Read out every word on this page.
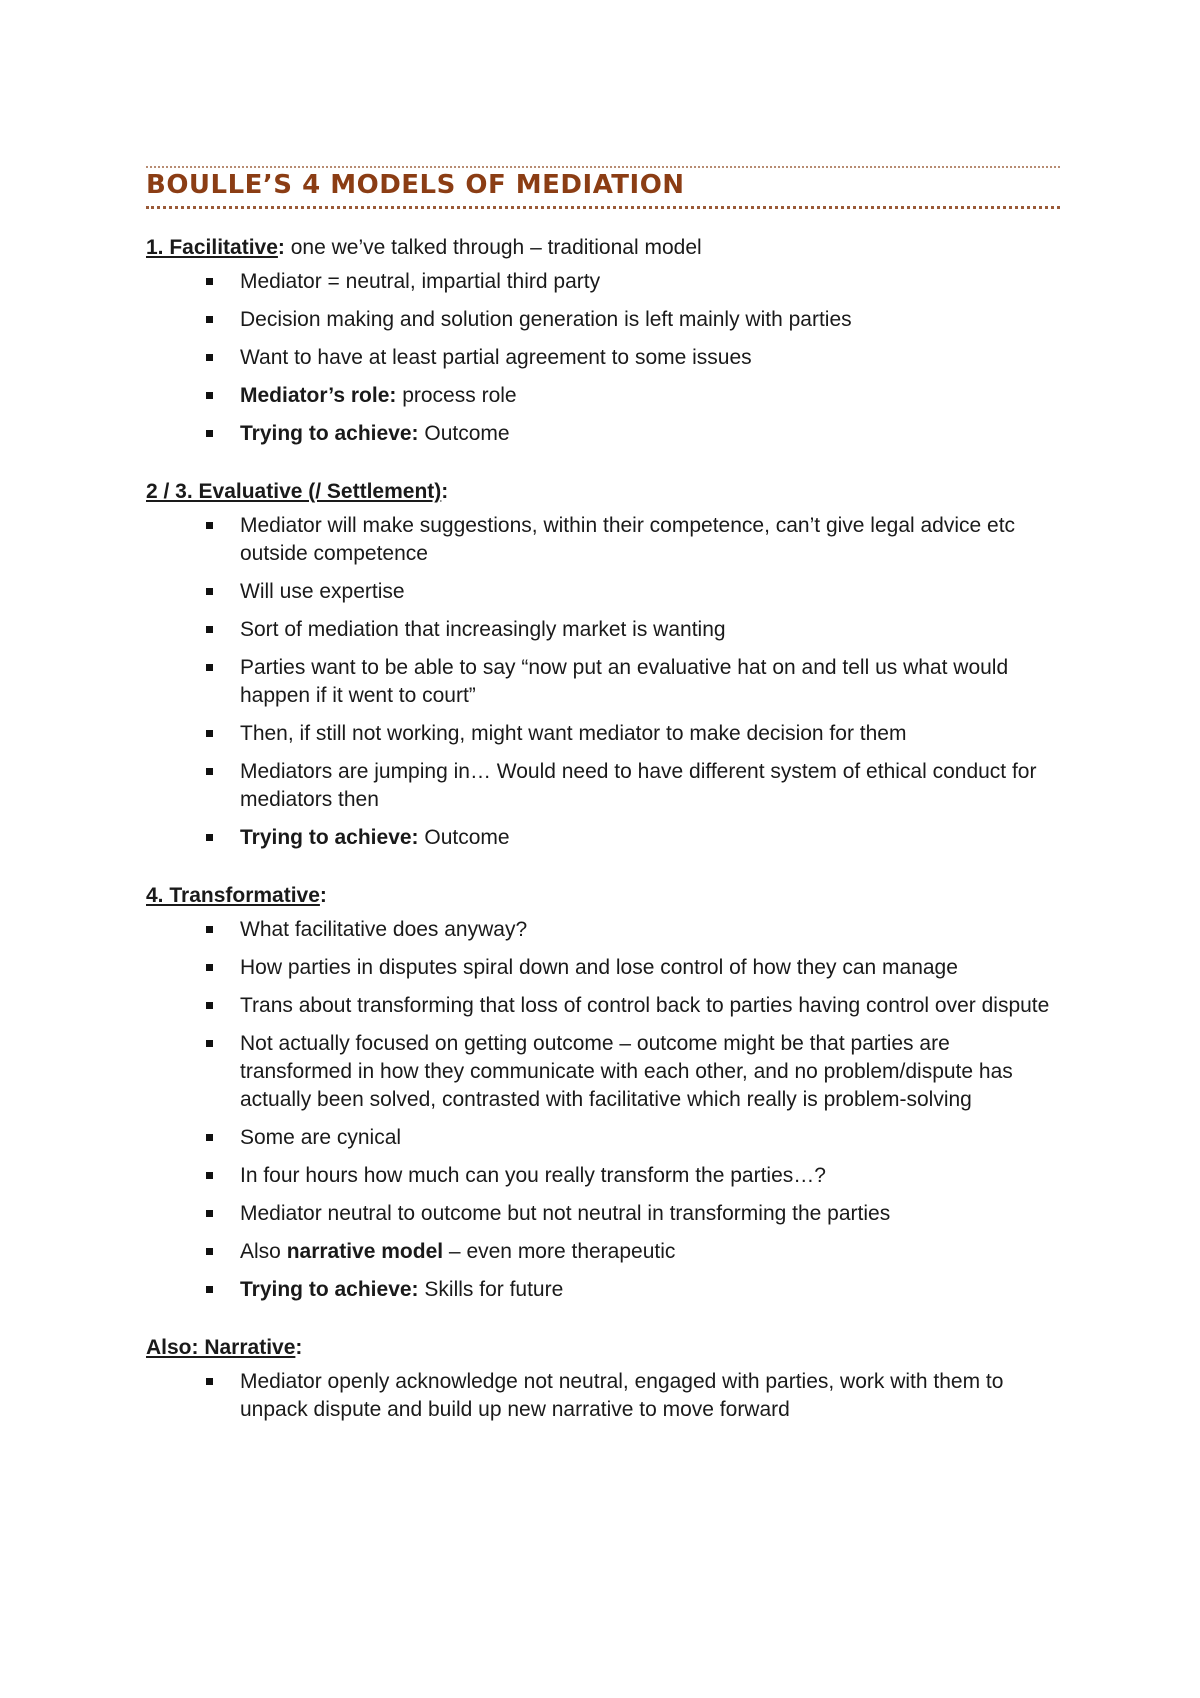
BOULLE’S 4 MODELS OF MEDIATION

1. Facilitative: one we’ve talked through – traditional model

Mediator = neutral, impartial third party
Decision making and solution generation is left mainly with parties
Want to have at least partial agreement to some issues
Mediator’s role: process role
Trying to achieve: Outcome

2 / 3. Evaluative (/ Settlement):

Mediator will make suggestions, within their competence, can’t give legal advice etc outside competence
Will use expertise
Sort of mediation that increasingly market is wanting
Parties want to be able to say “now put an evaluative hat on and tell us what would happen if it went to court”
Then, if still not working, might want mediator to make decision for them
Mediators are jumping in… Would need to have different system of ethical conduct for mediators then
Trying to achieve: Outcome

4. Transformative:

What facilitative does anyway?
How parties in disputes spiral down and lose control of how they can manage
Trans about transforming that loss of control back to parties having control over dispute
Not actually focused on getting outcome – outcome might be that parties are transformed in how they communicate with each other, and no problem/dispute has actually been solved, contrasted with facilitative which really is problem-solving
Some are cynical
In four hours how much can you really transform the parties…?
Mediator neutral to outcome but not neutral in transforming the parties
Also narrative model – even more therapeutic
Trying to achieve: Skills for future

Also: Narrative:

Mediator openly acknowledge not neutral, engaged with parties, work with them to unpack dispute and build up new narrative to move forward
